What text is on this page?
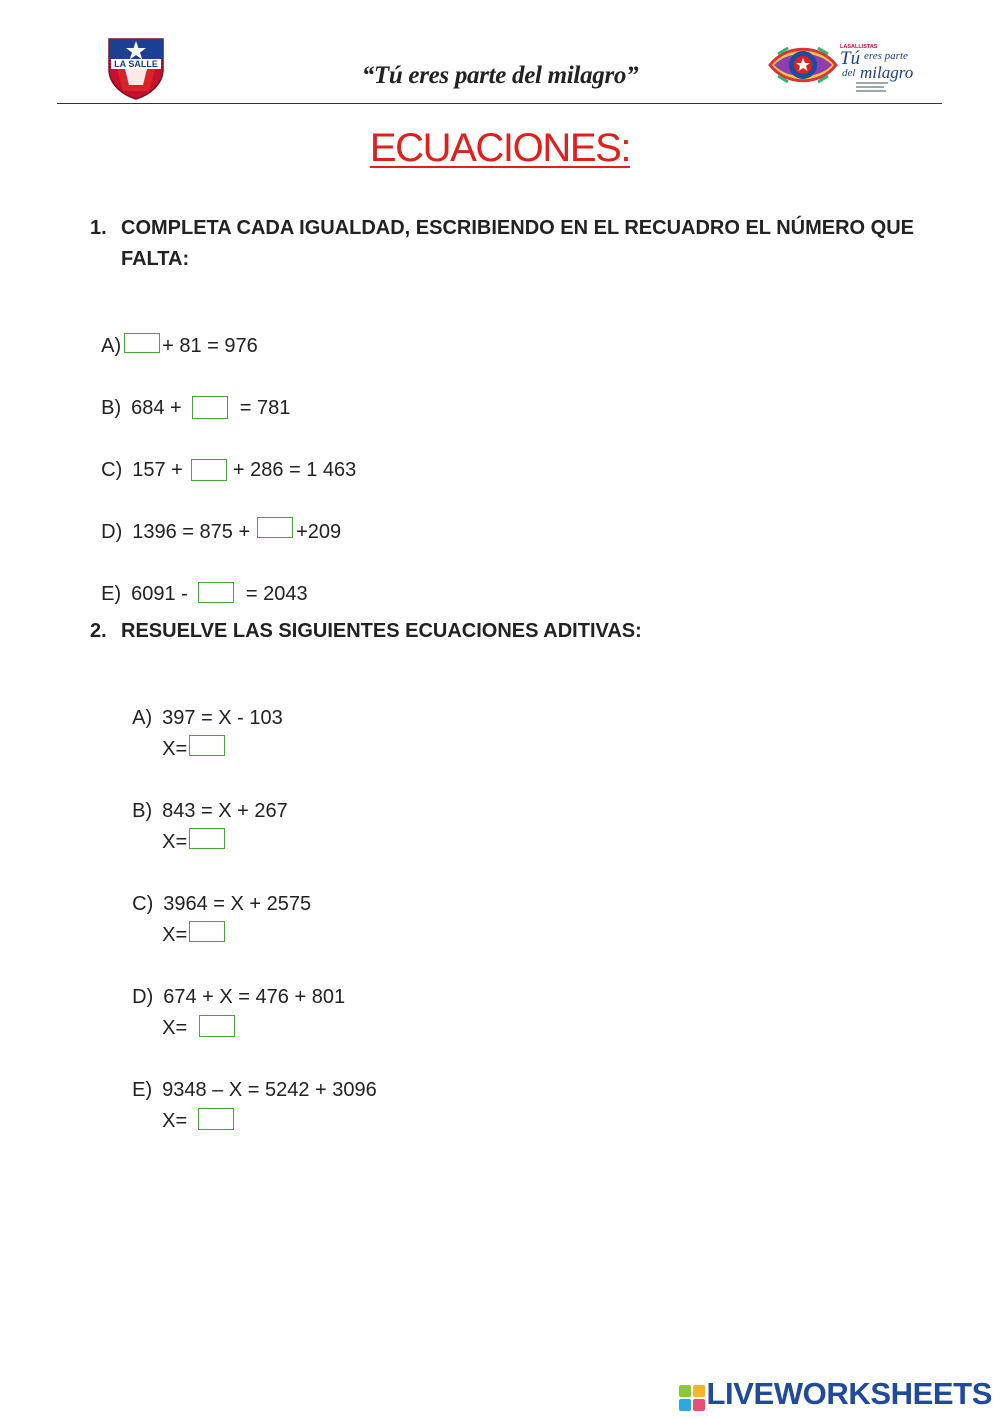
LA SALLE	“Tú eres parte del milagro”
LASALLISTAS
Tú eres parte
del milagro
ECUACIONES:
1. COMPLETA CADA IGUALDAD, ESCRIBIENDO EN EL RECUADRO EL NÚMERO QUE FALTA:

A) + 81 = 976

B) 684 +	= 781

C) 157 +	+ 286 = 1 463

D) 1396 = 875 + +209

E) 6091 -	= 2043

2. RESUELVE LAS SIGUIENTES ECUACIONES ADITIVAS:

A) 397 = X - 103

X=

B) 843 = X + 267

X=

C) 3964 = X + 2575

X=

D) 674 + X = 476 + 801

X=

E) 9348 – X = 5242 + 3096

X=

LIVEWORKSHEETS
